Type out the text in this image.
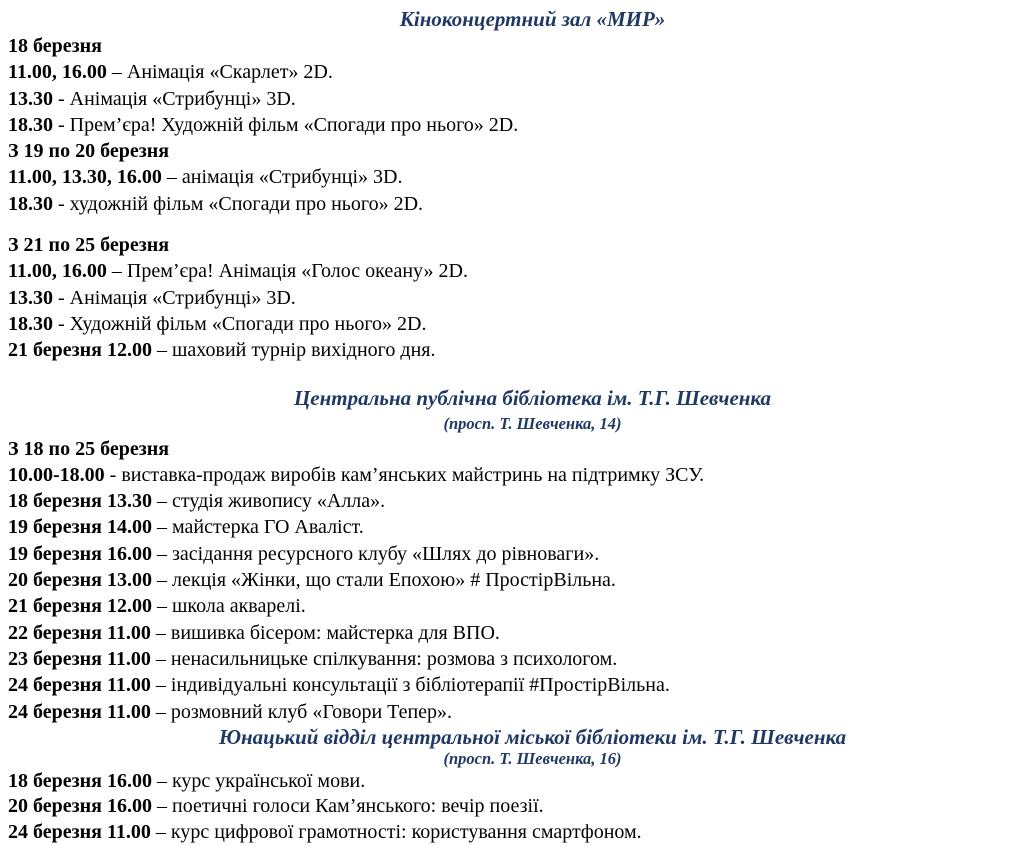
Кіноконцертний зал «МИР»
18 березня
11.00, 16.00 – Анімація «Скарлет» 2D.
13.30 - Анімація «Стрибунці» 3D.
18.30 - Прем’єра! Художній фільм «Спогади про нього» 2D.
З 19 по 20 березня
11.00, 13.30, 16.00 – анімація «Стрибунці» 3D.
18.30 - художній фільм «Спогади про нього» 2D.
З 21 по 25 березня
11.00, 16.00 – Прем’єра! Анімація «Голос океану» 2D.
13.30 - Анімація «Стрибунці» 3D.
18.30 - Художній фільм «Спогади про нього» 2D.
21 березня 12.00 – шаховий турнір вихідного дня.
Центральна публічна бібліотека ім. Т.Г. Шевченка
(просп. Т. Шевченка, 14)
З 18 по 25 березня
10.00-18.00 - виставка-продаж виробів кам’янських майстринь на підтримку ЗСУ.
18 березня 13.30 – студія живопису «Алла».
19 березня 14.00 – майстерка ГО Аваліст.
19 березня 16.00 – засідання ресурсного клубу «Шлях до рівноваги».
20 березня 13.00 – лекція «Жінки, що стали Епохою» # ПростірВільна.
21 березня 12.00 – школа акварелі.
22 березня 11.00 – вишивка бісером: майстерка для ВПО.
23 березня 11.00 – ненасильницьке спілкування: розмова з психологом.
24 березня 11.00 – індивідуальні консультації з бібліотерапії #ПростірВільна.
24 березня 11.00 – розмовний клуб «Говори Тепер».
Юнацький відділ центральної міської бібліотеки ім. Т.Г. Шевченка
(просп. Т. Шевченка, 16)
18 березня 16.00 – курс української мови.
20 березня 16.00 – поетичні голоси Кам’янського: вечір поезії.
24 березня 11.00 – курс цифрової грамотності: користування смартфоном.
